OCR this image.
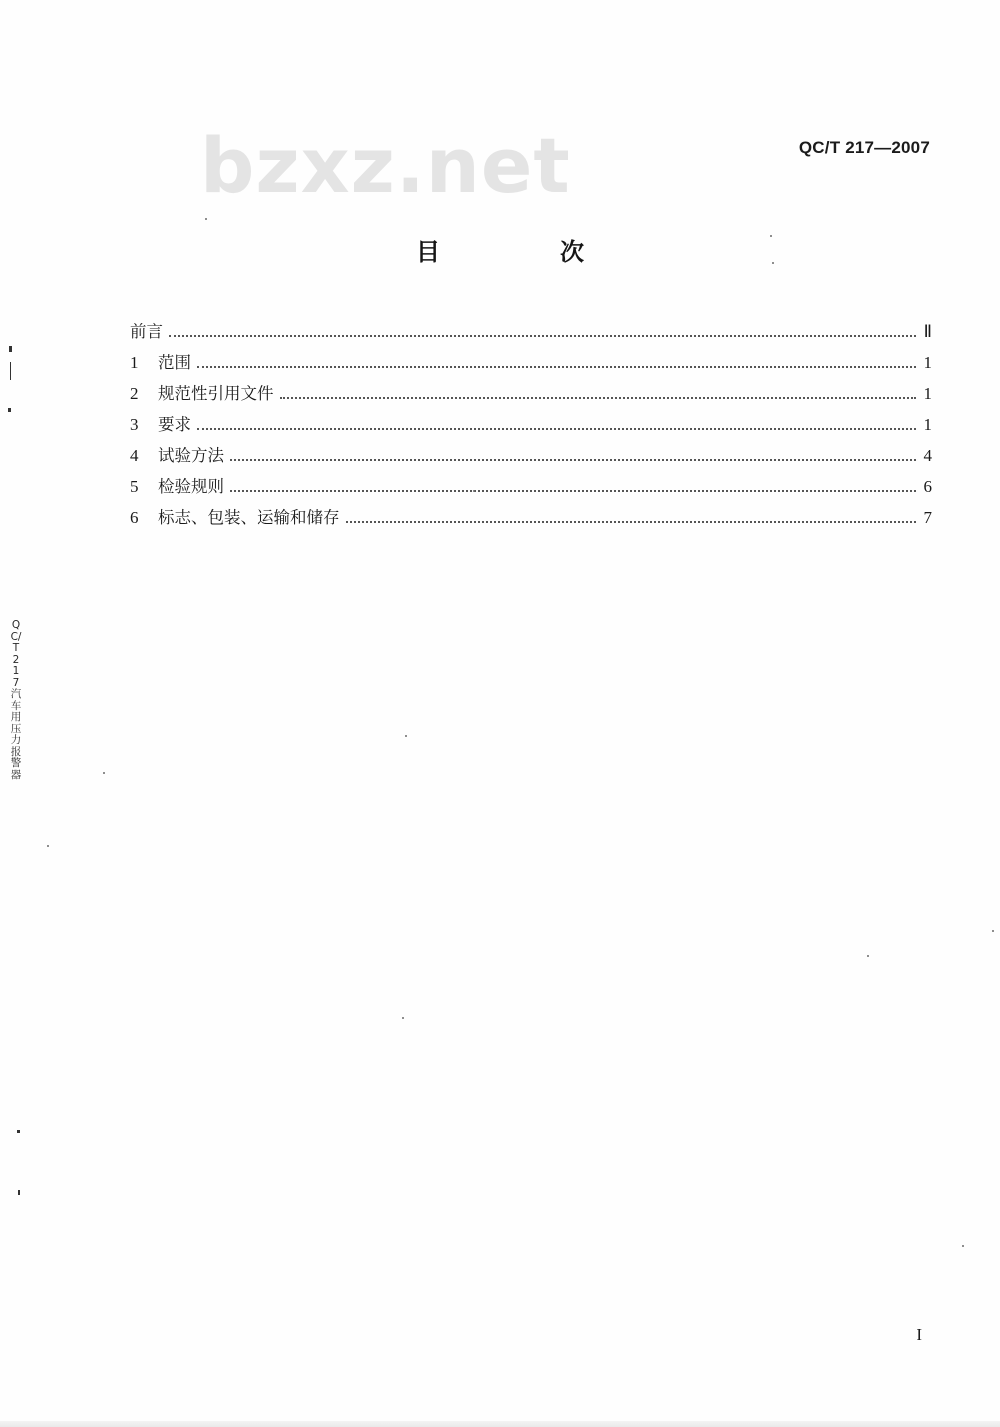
bzxz.net	QC/T 217—2007
目　次
前言	Ⅱ
1	范围	1
2	规范性引用文件	1
3	要求	1
4	试验方法	4
5	检验规则	6
6	标志、包装、运输和储存	7
QC/T 217汽车用压力报警器
I
